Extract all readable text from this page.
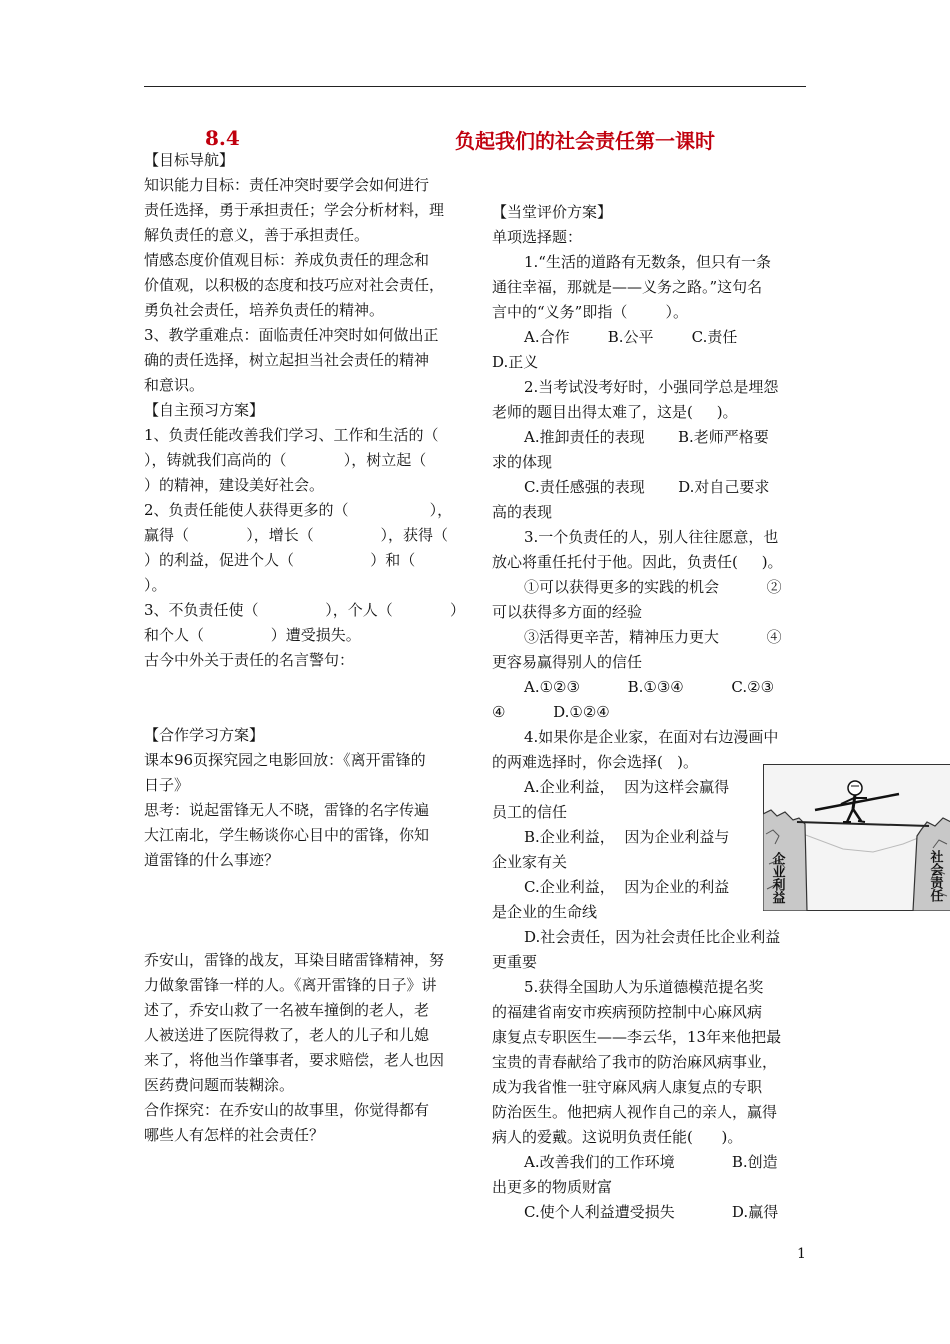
8.4	负起我们的社会责任第一课时

【目标导航】

知识能力目标：责任冲突时要学会如何进行

责任选择，勇于承担责任；学会分析材料，理

解负责任的意义，善于承担责任。

情感态度价值观目标：养成负责任的理念和

价值观，以积极的态度和技巧应对社会责任，

勇负社会责任，培养负责任的精神。

3、教学重难点：面临责任冲突时如何做出正

确的责任选择，树立起担当社会责任的精神

和意识。

【自主预习方案】

1、负责任能改善我们学习、工作和生活的（

），铸就我们高尚的（            ），树立起（

）的精神，建设美好社会。

2、负责任能使人获得更多的（                 ），

赢得（            ），增长（              ），获得（

）的利益，促进个人（                ）和（

）。

3、不负责任使（              ），个人（            ）

和个人（              ）遭受损失。

古今中外关于责任的名言警句：

【合作学习方案】

课本96页探究园之电影回放：《离开雷锋的

日子》

思考：说起雷锋无人不晓，雷锋的名字传遍

大江南北，学生畅谈你心目中的雷锋，你知

道雷锋的什么事迹？

乔安山，雷锋的战友，耳染目睹雷锋精神，努

力做象雷锋一样的人。《离开雷锋的日子》讲

述了，乔安山救了一名被车撞倒的老人，老

人被送进了医院得救了，老人的儿子和儿媳

来了，将他当作肇事者，要求赔偿，老人也因

医药费问题而装糊涂。

合作探究：在乔安山的故事里，你觉得都有

哪些人有怎样的社会责任？

【当堂评价方案】

单项选择题：

1.“生活的道路有无数条，但只有一条

通往幸福，那就是——义务之路。”这句名

言中的“义务”即指（        ）。

A.合作        B.公平        C.责任

D.正义

2.当考试没考好时，小强同学总是埋怨

老师的题目出得太难了，这是(     )。

A.推卸责任的表现       B.老师严格要

求的体现

C.责任感强的表现       D.对自己要求

高的表现

3.一个负责任的人，别人往往愿意，也

放心将重任托付于他。因此，负责任(     )。

①可以获得更多的实践的机会          ②

可以获得多方面的经验

③活得更辛苦，精神压力更大          ④

更容易赢得别人的信任

A.①②③          B.①③④          C.②③

④          D.①②④

4.如果你是企业家，在面对右边漫画中

的两难选择时，你会选择(   )。

A.企业利益，  因为这样会赢得

员工的信任

B.企业利益，  因为企业利益与

企业家有关

C.企业利益，  因为企业的利益

是企业的生命线

D.社会责任，因为社会责任比企业利益

更重要

5.获得全国助人为乐道德模范提名奖

的福建省南安市疾病预防控制中心麻风病

康复点专职医生——李云华，13年来他把最

宝贵的青春献给了我市的防治麻风病事业，

成为我省惟一驻守麻风病人康复点的专职

防治医生。他把病人视作自己的亲人，赢得

病人的爱戴。这说明负责任能(      )。

A.改善我们的工作环境            B.创造

出更多的物质财富

C.使个人利益遭受损失            D.赢得

企业利益	社会责任
1
